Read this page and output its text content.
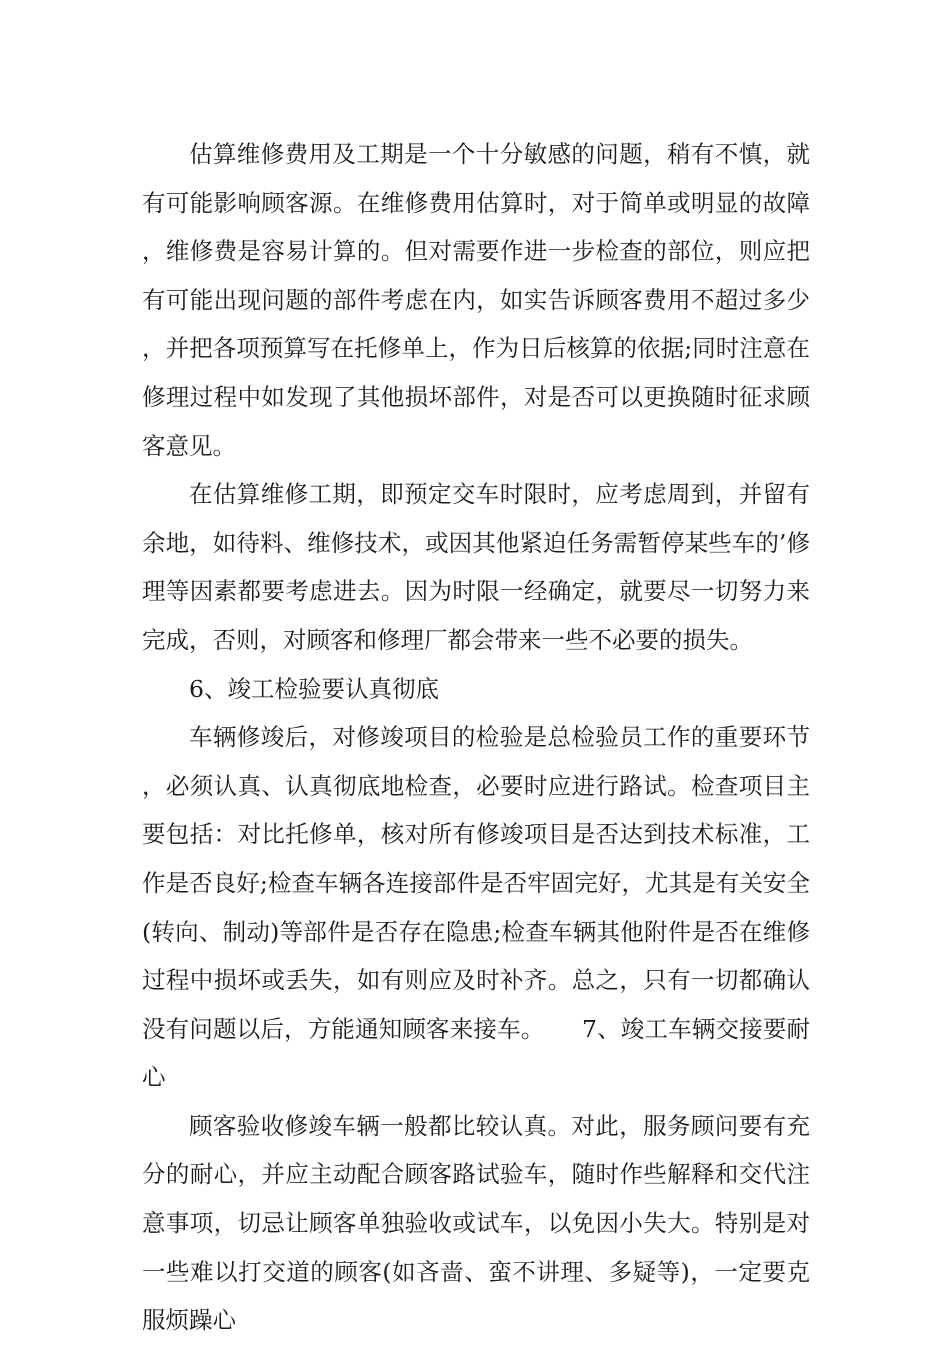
估算维修费用及工期是一个十分敏感的问题，稍有不慎，就有可能影响顾客源。在维修费用估算时，对于简单或明显的故障，维修费是容易计算的。但对需要作进一步检查的部位，则应把有可能出现问题的部件考虑在内，如实告诉顾客费用不超过多少，并把各项预算写在托修单上，作为日后核算的依据;同时注意在修理过程中如发现了其他损坏部件，对是否可以更换随时征求顾客意见。

在估算维修工期，即预定交车时限时，应考虑周到，并留有余地，如待料、维修技术，或因其他紧迫任务需暂停某些车的’修理等因素都要考虑进去。因为时限一经确定，就要尽一切努力来完成，否则，对顾客和修理厂都会带来一些不必要的损失。

6、竣工检验要认真彻底

车辆修竣后，对修竣项目的检验是总检验员工作的重要环节，必须认真、认真彻底地检查，必要时应进行路试。检查项目主要包括：对比托修单，核对所有修竣项目是否达到技术标准，工作是否良好;检查车辆各连接部件是否牢固完好，尤其是有关安全(转向、制动)等部件是否存在隐患;检查车辆其他附件是否在维修过程中损坏或丢失，如有则应及时补齐。总之，只有一切都确认没有问题以后，方能通知顾客来接车。 7、竣工车辆交接要耐心

顾客验收修竣车辆一般都比较认真。对此，服务顾问要有充分的耐心，并应主动配合顾客路试验车，随时作些解释和交代注意事项，切忌让顾客单独验收或试车，以免因小失大。特别是对一些难以打交道的顾客(如吝啬、蛮不讲理、多疑等)，一定要克服烦躁心
